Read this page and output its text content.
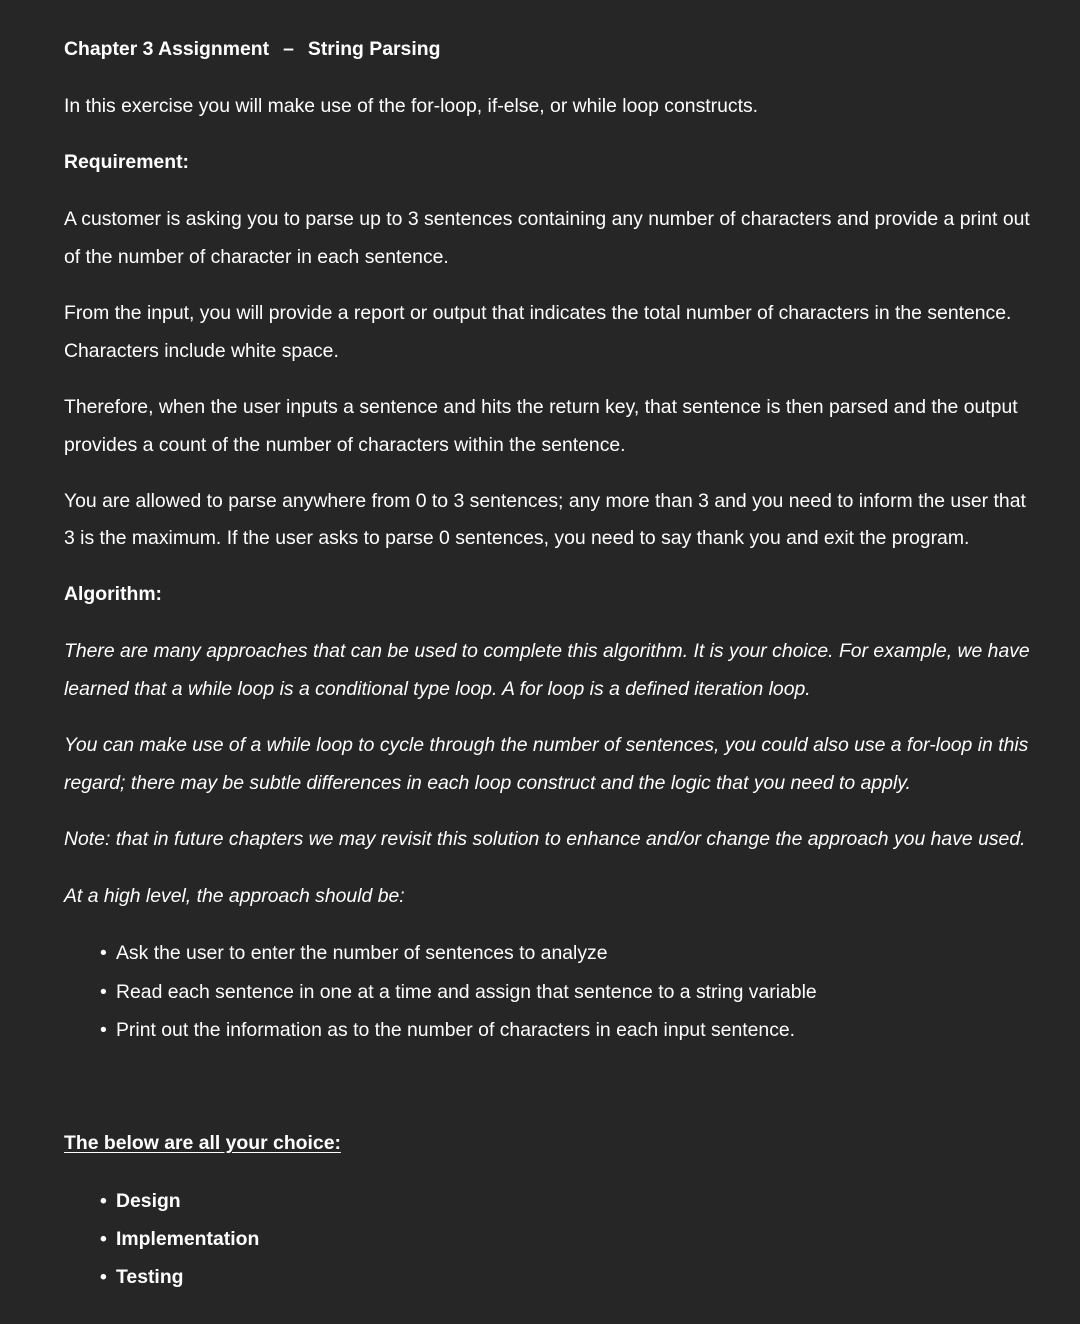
Chapter 3 Assignment – String Parsing
In this exercise you will make use of the for-loop, if-else, or while loop constructs.
Requirement:
A customer is asking you to parse up to 3 sentences containing any number of characters and provide a print out
of the number of character in each sentence.
From the input, you will provide a report or output that indicates the total number of characters in the sentence.
Characters include white space.
Therefore, when the user inputs a sentence and hits the return key, that sentence is then parsed and the output
provides a count of the number of characters within the sentence.
You are allowed to parse anywhere from 0 to 3 sentences; any more than 3 and you need to inform the user that
3 is the maximum. If the user asks to parse 0 sentences, you need to say thank you and exit the program.
Algorithm:
There are many approaches that can be used to complete this algorithm. It is your choice. For example, we have
learned that a while loop is a conditional type loop. A for loop is a defined iteration loop.
You can make use of a while loop to cycle through the number of sentences, you could also use a for-loop in this
regard; there may be subtle differences in each loop construct and the logic that you need to apply.
Note: that in future chapters we may revisit this solution to enhance and/or change the approach you have used.
At a high level, the approach should be:
• Ask the user to enter the number of sentences to analyze
• Read each sentence in one at a time and assign that sentence to a string variable
• Print out the information as to the number of characters in each input sentence.
The below are all your choice:
• Design
• Implementation
• Testing
